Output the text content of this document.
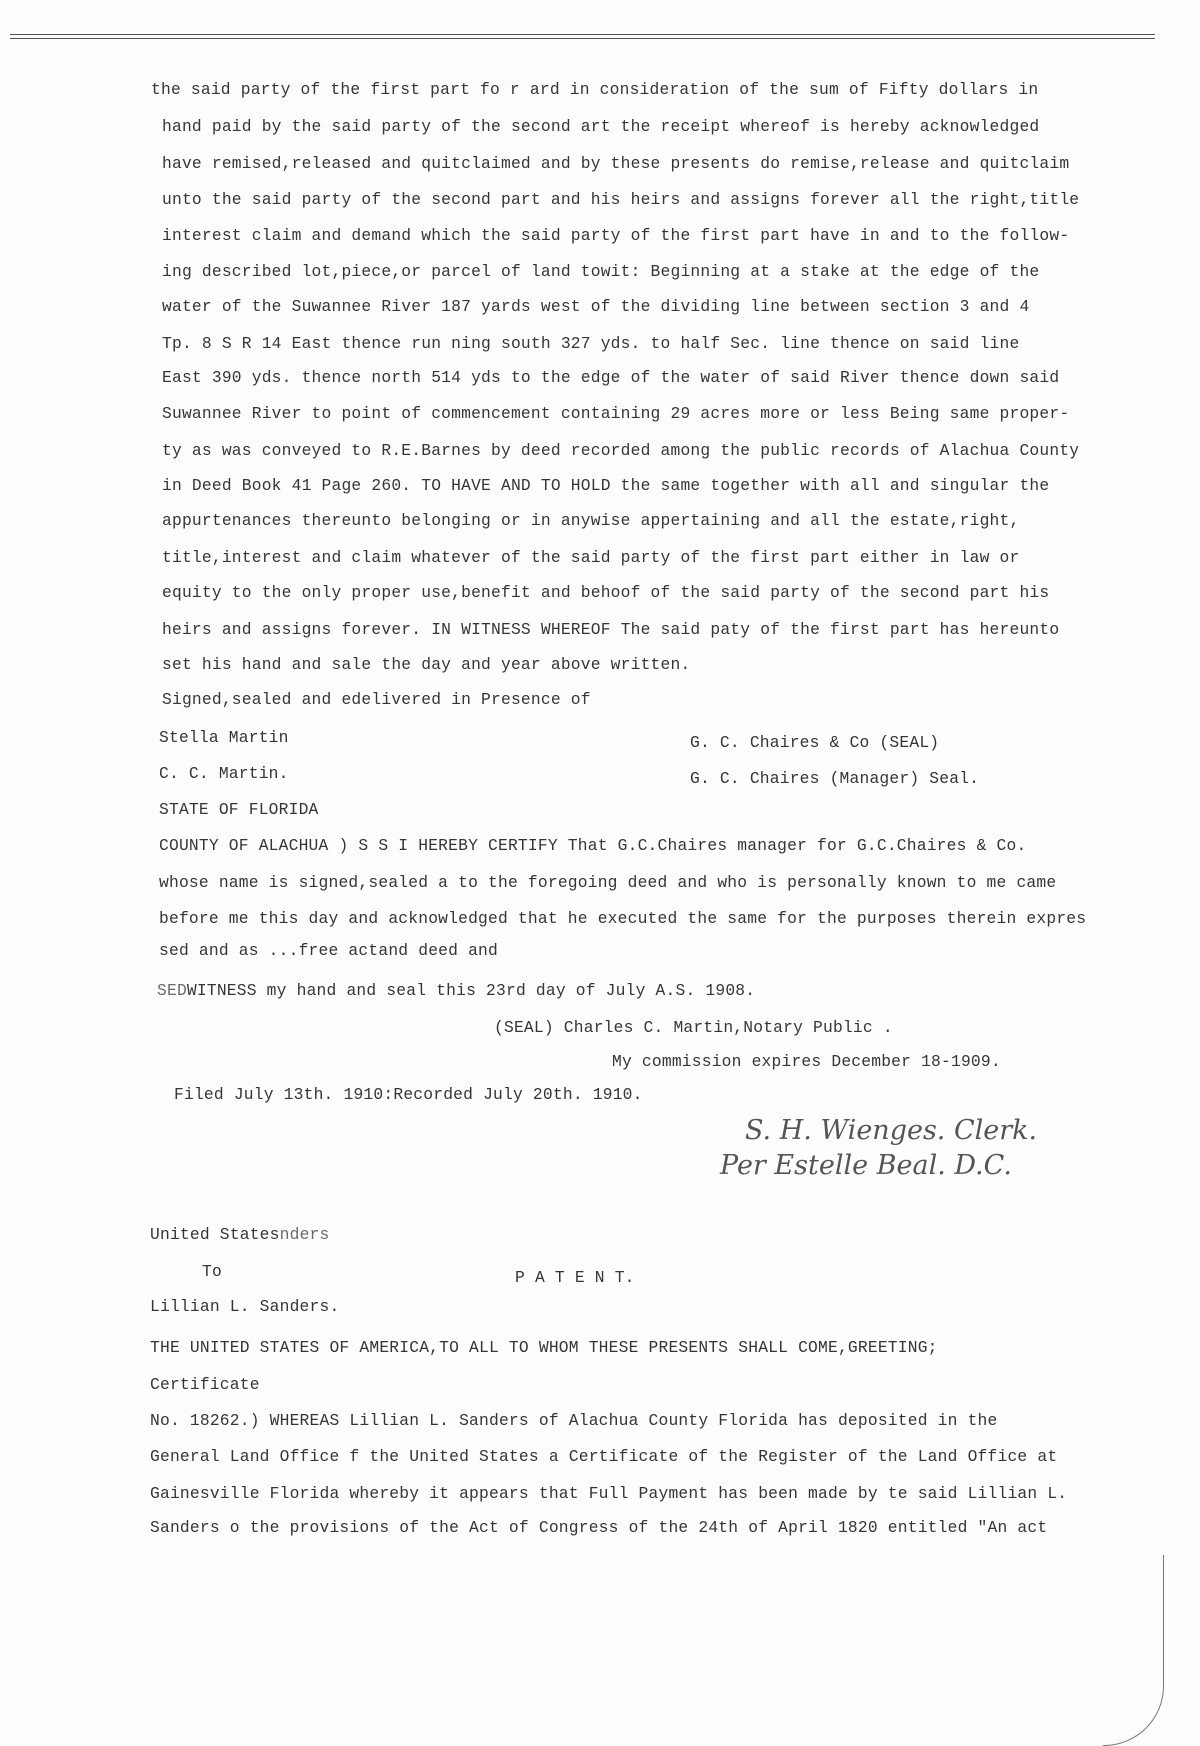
the said party of the first part fo r ard in consideration of the sum of Fifty dollars in
hand paid by the said party of the second art the receipt whereof is hereby acknowledged
have remised,released and quitclaimed and by these presents do remise,release and quitclaim
unto the said party of the second part and his heirs and assigns forever all the right,title
interest claim and demand which the said party of the first part have in and to the follow-
ing described lot,piece,or parcel of land towit: Beginning at a stake at the edge of the
water of the Suwannee River 187 yards west of the dividing line between section 3 and 4
Tp. 8 S R 14 East thence run ning south 327 yds. to half Sec. line thence on said line
East 390 yds. thence north 514 yds to the edge of the water of said River thence down said
Suwannee River to point of commencement containing 29 acres more or less Being same proper-
ty as was conveyed to R.E.Barnes by deed recorded among the public records of Alachua County
in Deed Book 41 Page 260. TO HAVE AND TO HOLD the same together with all and singular the
appurtenances thereunto belonging or in anywise appertaining and all the estate,right,
title,interest and claim whatever of the said party of the first part either in law or
equity to the only proper use,benefit and behoof of the said party of the second part his
heirs and assigns forever. IN WITNESS WHEREOF The said paty of the first part has hereunto
set his hand and sale the day and year above written.
Signed,sealed and edelivered in Presence of
Stella Martin	G. C. Chaires & Co (SEAL)
C. C. Martin.	G. C. Chaires (Manager) Seal.
STATE OF FLORIDA
COUNTY OF ALACHUA ) S S I HEREBY CERTIFY That G.C.Chaires manager for G.C.Chaires & Co.
whose name is signed,sealed a to the foregoing deed and who is personally known to me came
before me this day and acknowledged that he executed the same for the purposes therein expres
sed and as ...free actand deed and
SEDWITNESS my hand and seal this 23rd day of July A.S. 1908.
(SEAL) Charles C. Martin,Notary Public .
My commission expires December 18-1909.
Filed July 13th. 1910:Recorded July 20th. 1910.
S. H. Wienges. Clerk.
Per Estelle Beal. D.C.
United Statesnders
To	P A T E N T.
Lillian L. Sanders.
THE UNITED STATES OF AMERICA,TO ALL TO WHOM THESE PRESENTS SHALL COME,GREETING;
Certificate
No. 18262.) WHEREAS Lillian L. Sanders of Alachua County Florida has deposited in the
General Land Office f the United States a Certificate of the Register of the Land Office at
Gainesville Florida whereby it appears that Full Payment has been made by te said Lillian L.
Sanders o the provisions of the Act of Congress of the 24th of April 1820 entitled "An act
